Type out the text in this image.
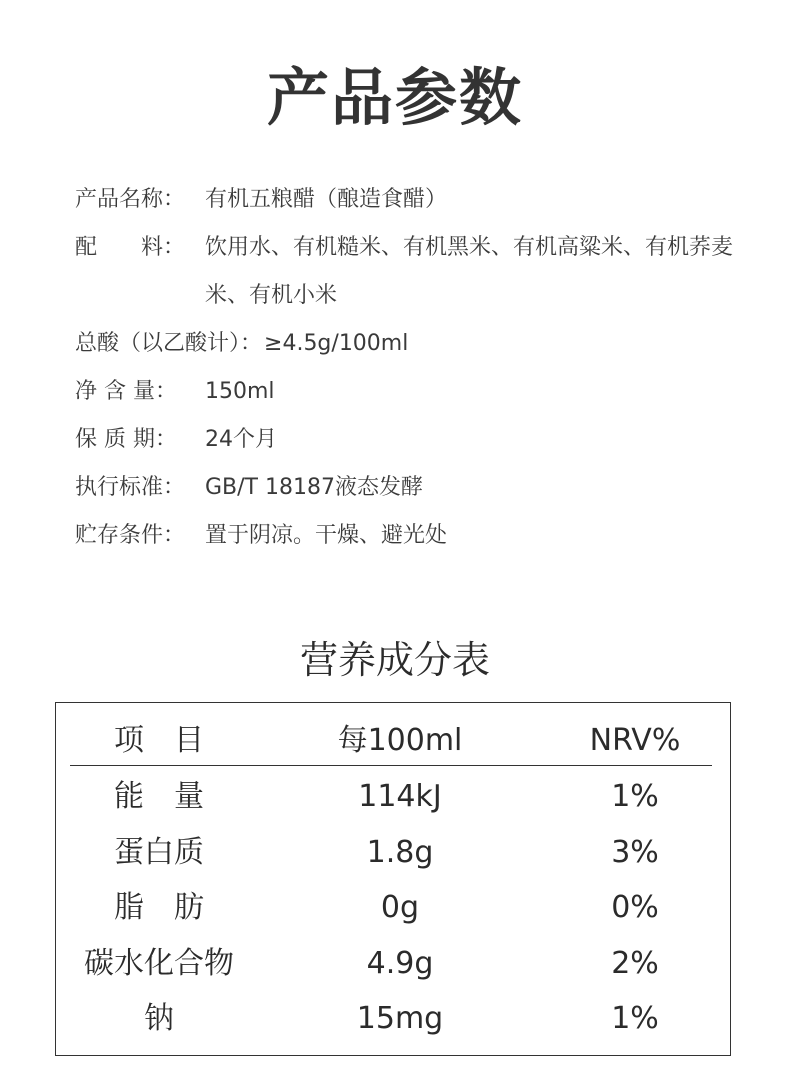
产品参数
产品名称： 有机五粮醋（酿造食醋）
配　　料： 饮用水、有机糙米、有机黑米、有机高粱米、有机荞麦米、有机小米
总酸（以乙酸计）： ≥4.5g/100ml
净 含 量：	150ml
保 质 期：	24个月
执行标准： GB/T 18187液态发酵
贮存条件： 置于阴凉。干燥、避光处
营养成分表
项　目	每100ml	NRV%
能　量	114kJ	1%
蛋白质	1.8g	3%
脂　肪	0g	0%
碳水化合物	4.9g	2%
钠	15mg	1%
